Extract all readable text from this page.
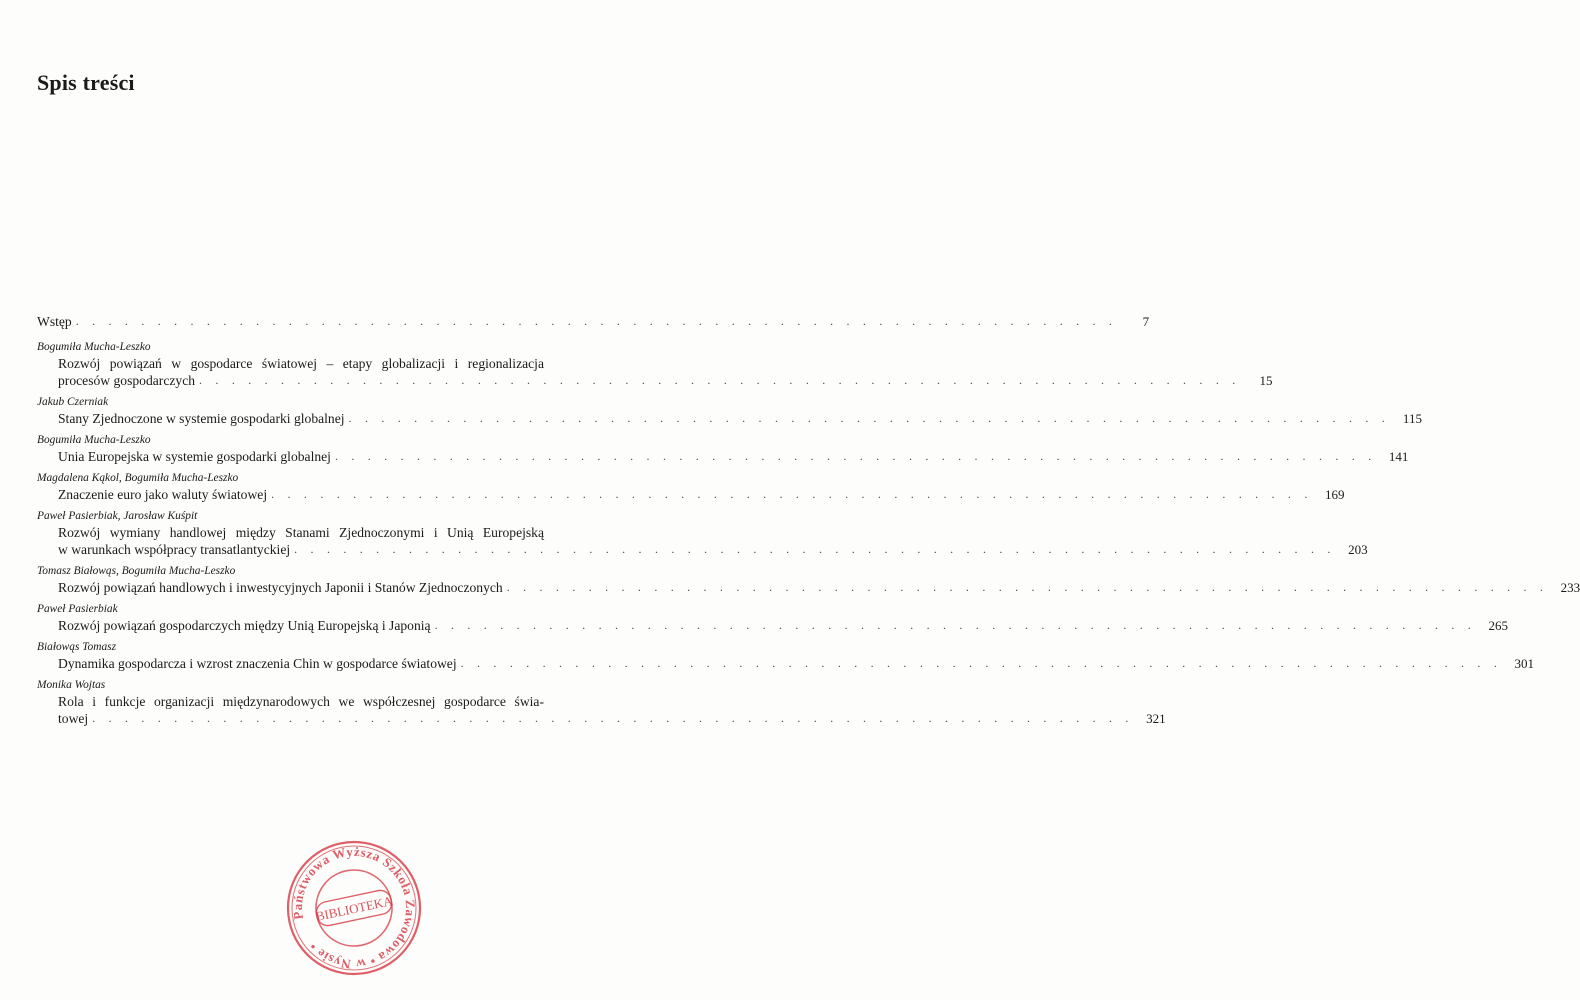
Spis treści
Wstęp . . . . . . . . . . . . . . . . . . . . . . . . . . . . . . . . . . . . . . . . . . . . . . . . . . . . . . . . . . . . . . . .	7
Bogumiła Mucha-Leszko
Rozwój powiązań w gospodarce światowej – etapy globalizacji i regionalizacja
procesów gospodarczych . . . . . . . . . . . . . . . . . . . . . . . . . . . . . . . . . . . . . . . . . . . . . . . . . . . . . . . . . . . . . . . .	15
Jakub Czerniak
Stany Zjednoczone w systemie gospodarki globalnej . . . . . . . . . . . . . . . . . . . . . . . . . . . . . . . . . . . . . . . . . . . . . . . . . . . . . . . . . . . . . . . . 115
Bogumiła Mucha-Leszko
Unia Europejska w systemie gospodarki globalnej . . . . . . . . . . . . . . . . . . . . . . . . . . . . . . . . . . . . . . . . . . . . . . . . . . . . . . . . . . . . . . . . 141
Magdalena Kąkol, Bogumiła Mucha-Leszko
Znaczenie euro jako waluty światowej . . . . . . . . . . . . . . . . . . . . . . . . . . . . . . . . . . . . . . . . . . . . . . . . . . . . . . . . . . . . . . . . 169
Paweł Pasierbiak, Jarosław Kuśpit
Rozwój wymiany handlowej między Stanami Zjednoczonymi i Unią Europejską
w warunkach współpracy transatlantyckiej . . . . . . . . . . . . . . . . . . . . . . . . . . . . . . . . . . . . . . . . . . . . . . . . . . . . . . . . . . . . . . . . 203
Tomasz Białowąs, Bogumiła Mucha-Leszko
Rozwój powiązań handlowych i inwestycyjnych Japonii i Stanów Zjednoczonych . . . . . . . . . . . . . . . . . . . . . . . . . . . . . . . . . . . . . . . . . . . . . . . . . . . . . . . . . . . . . . . . 233
Paweł Pasierbiak
Rozwój powiązań gospodarczych między Unią Europejską i Japonią . . . . . . . . . . . . . . . . . . . . . . . . . . . . . . . . . . . . . . . . . . . . . . . . . . . . . . . . . . . . . . . . 265
Białowąs Tomasz
Dynamika gospodarcza i wzrost znaczenia Chin w gospodarce światowej . . . . . . . . . . . . . . . . . . . . . . . . . . . . . . . . . . . . . . . . . . . . . . . . . . . . . . . . . . . . . . . . 301
Monika Wojtas
Rola i funkcje organizacji międzynarodowych we współczesnej gospodarce świa-
towej . . . . . . . . . . . . . . . . . . . . . . . . . . . . . . . . . . . . . . . . . . . . . . . . . . . . . . . . . . . . . . . . 321
Państwowa Wyższa Szkoła Zawodowa • w Nysie •
BIBLIOTEKA
